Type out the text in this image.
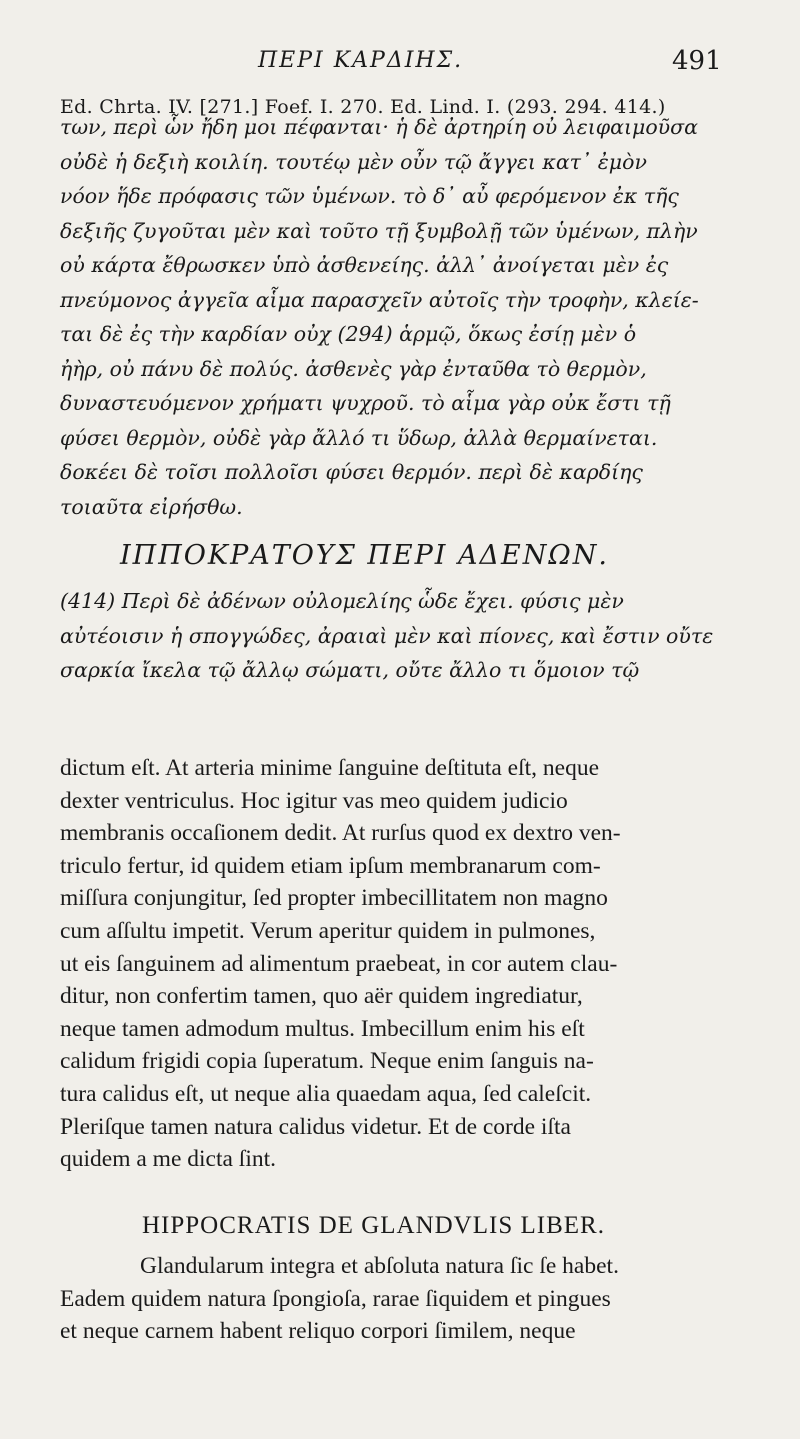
ΠΕΡΙ ΚΑΡΔΙΗΣ.	491
Ed. Chrta. IV. [271.] Foef. I. 270. Ed. Lind. I. (293. 294. 414.)
των, περὶ ὧν ἤδη μοι πέφανται· ἡ δὲ ἀρτηρίη οὐ λειφαιμοῦσα
οὐδὲ ἡ δεξιὴ κοιλίη. τουτέῳ μὲν οὖν τῷ ἄγγει κατ᾽ ἐμὸν
νόον ἥδε πρόφασις τῶν ὑμένων. τὸ δ᾽ αὖ φερόμενον ἐκ τῆς
δεξιῆς ζυγοῦται μὲν καὶ τοῦτο τῇ ξυμβολῇ τῶν ὑμένων, πλὴν
οὐ κάρτα ἔθρωσκεν ὑπὸ ἀσθενείης. ἀλλ᾽ ἀνοίγεται μὲν ἐς
πνεύμονος ἀγγεῖα αἷμα παρασχεῖν αὐτοῖς τὴν τροφὴν, κλείε-
ται δὲ ἐς τὴν καρδίαν οὐχ (294) ἁρμῷ, ὅκως ἐσίῃ μὲν ὁ
ἠὴρ, οὐ πάνυ δὲ πολύς. ἀσθενὲς γὰρ ἐνταῦθα τὸ θερμὸν,
δυναστευόμενον χρήματι ψυχροῦ. τὸ αἷμα γὰρ οὐκ ἔστι τῇ
φύσει θερμὸν, οὐδὲ γὰρ ἄλλό τι ὕδωρ, ἀλλὰ θερμαίνεται.
δοκέει δὲ τοῖσι πολλοῖσι φύσει θερμόν. περὶ δὲ καρδίης
τοιαῦτα εἰρήσθω.
ΙΠΠΟΚΡΑΤΟΥΣ ΠΕΡΙ ΑΔΕΝΩΝ.
(414) Περὶ δὲ ἀδένων οὐλομελίης ὧδε ἔχει. φύσις μὲν
αὐτέοισιν ἡ σπογγώδες, ἀραιαὶ μὲν καὶ πίονες, καὶ ἔστιν οὔτε
σαρκία ἴκελα τῷ ἄλλῳ σώματι, οὔτε ἄλλο τι ὅμοιον τῷ
dictum eſt. At arteria minime ſanguine deſtituta eſt, neque
dexter ventriculus. Hoc igitur vas meo quidem judicio
membranis occaſionem dedit. At rurſus quod ex dextro ven-
triculo fertur, id quidem etiam ipſum membranarum com-
miſſura conjungitur, ſed propter imbecillitatem non magno
cum aſſultu impetit. Verum aperitur quidem in pulmones,
ut eis ſanguinem ad alimentum praebeat, in cor autem clau-
ditur, non confertim tamen, quo aër quidem ingrediatur,
neque tamen admodum multus. Imbecillum enim his eſt
calidum frigidi copia ſuperatum. Neque enim ſanguis na-
tura calidus eſt, ut neque alia quaedam aqua, ſed caleſcit.
Pleriſque tamen natura calidus videtur. Et de corde iſta
quidem a me dicta ſint.
HIPPOCRATIS DE GLANDVLIS LIBER.
Glandularum integra et abſoluta natura ſic ſe habet.
Eadem quidem natura ſpongioſa, rarae ſiquidem et pingues
et neque carnem habent reliquo corpori ſimilem, neque
